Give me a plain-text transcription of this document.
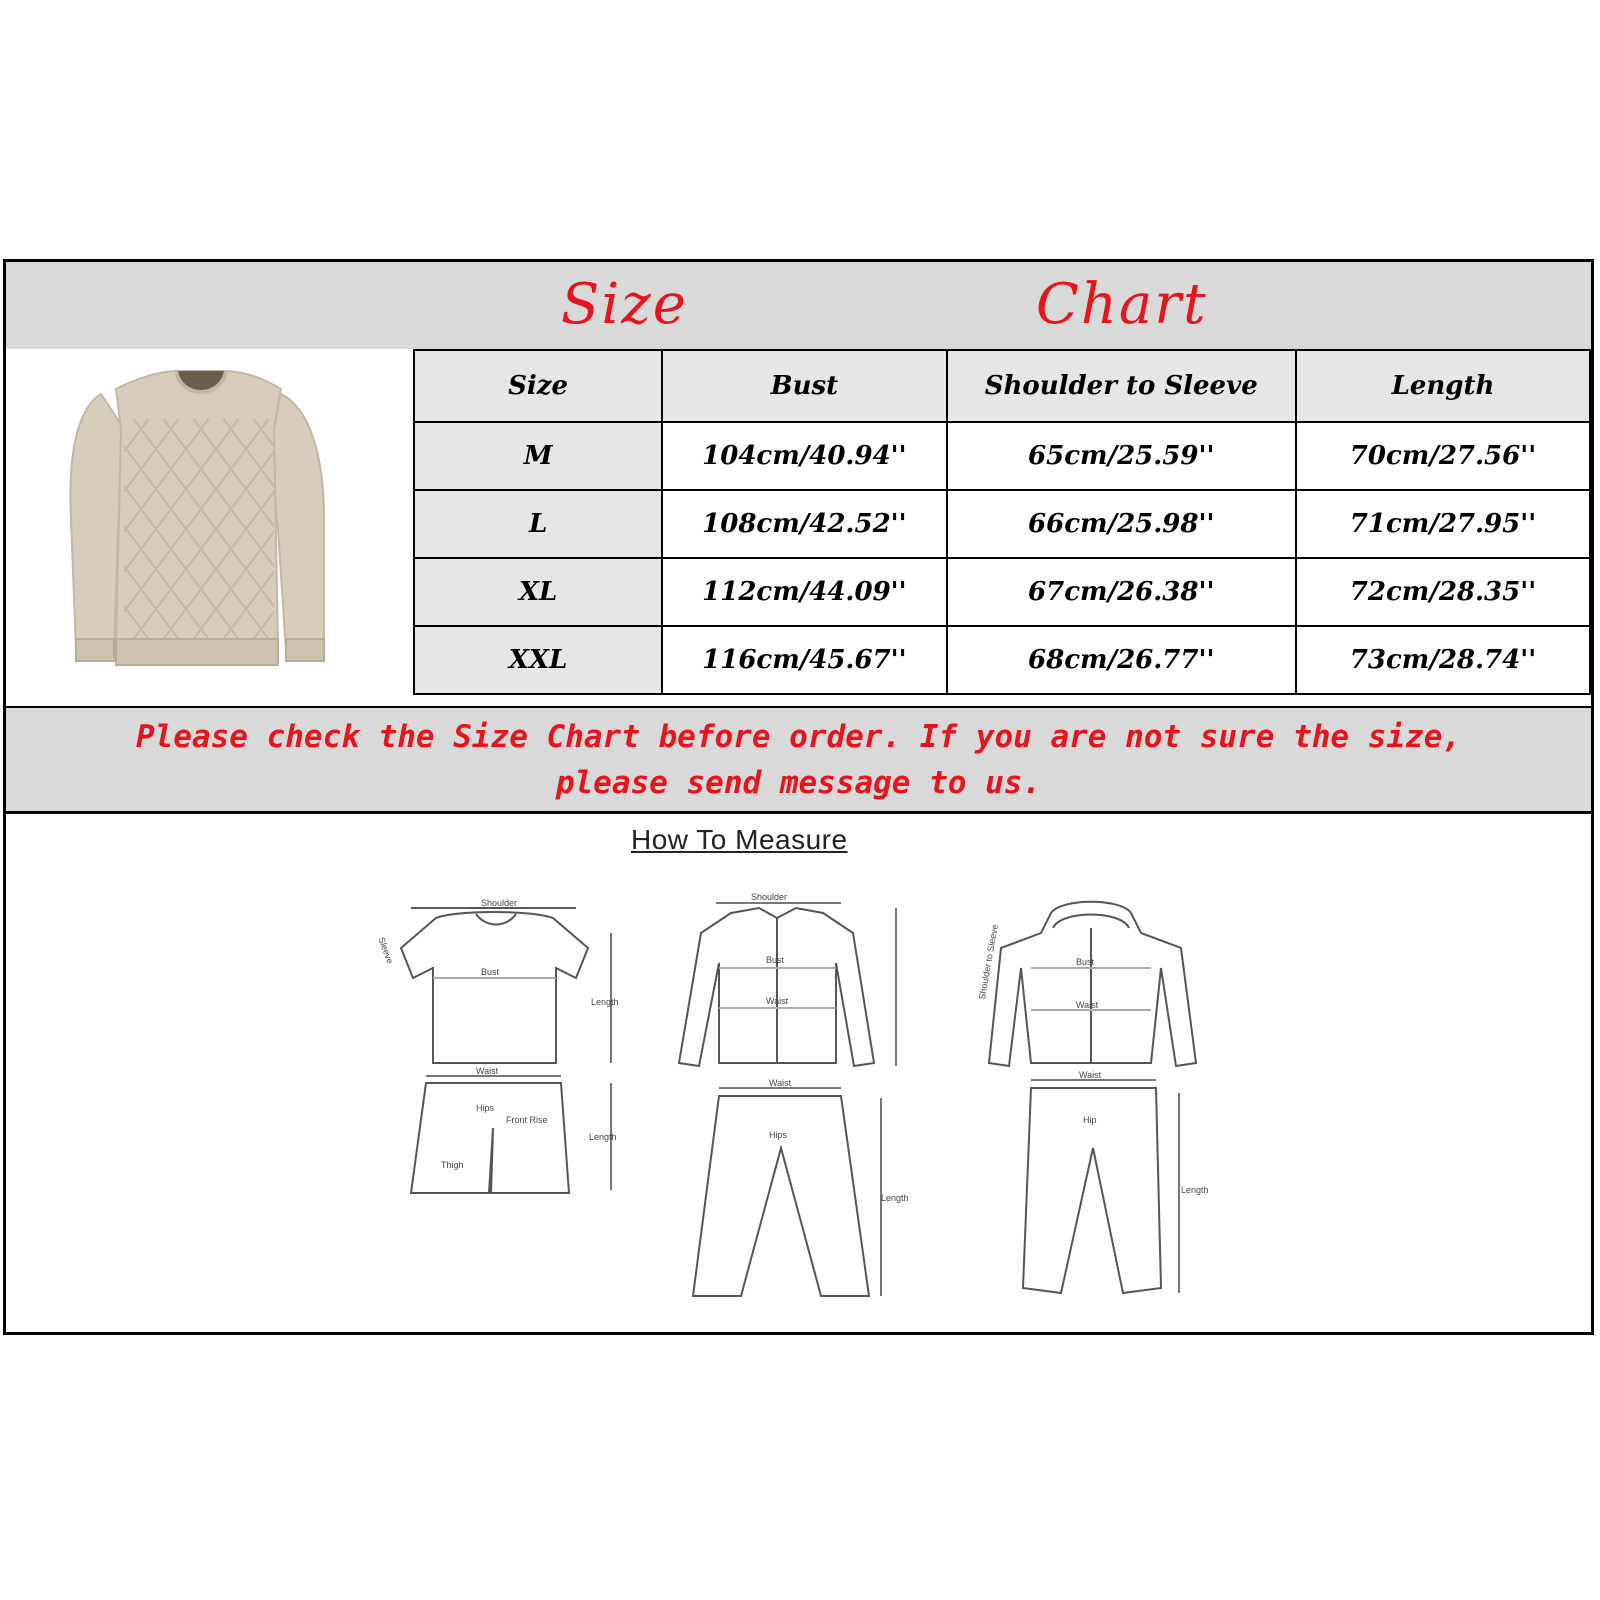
Size	Chart
Size	Bust	Shoulder to Sleeve	Length
M	104cm/40.94''	65cm/25.59''	70cm/27.56''
L	108cm/42.52''	66cm/25.98''	71cm/27.95''
XL	112cm/44.09''	67cm/26.38''	72cm/28.35''
XXL	116cm/45.67''	68cm/26.77''	73cm/28.74''
Please check the Size Chart before order. If you are not sure the size,
please send message to us.
How To Measure
Shoulder
Bust
Length
Sleeve
Waist
Hips
Front Rise
Thigh
Length
Shoulder
Bust
Waist
Waist
Hips
Length
Bust
Waist
Shoulder to Sleeve
Waist
Hip
Length
